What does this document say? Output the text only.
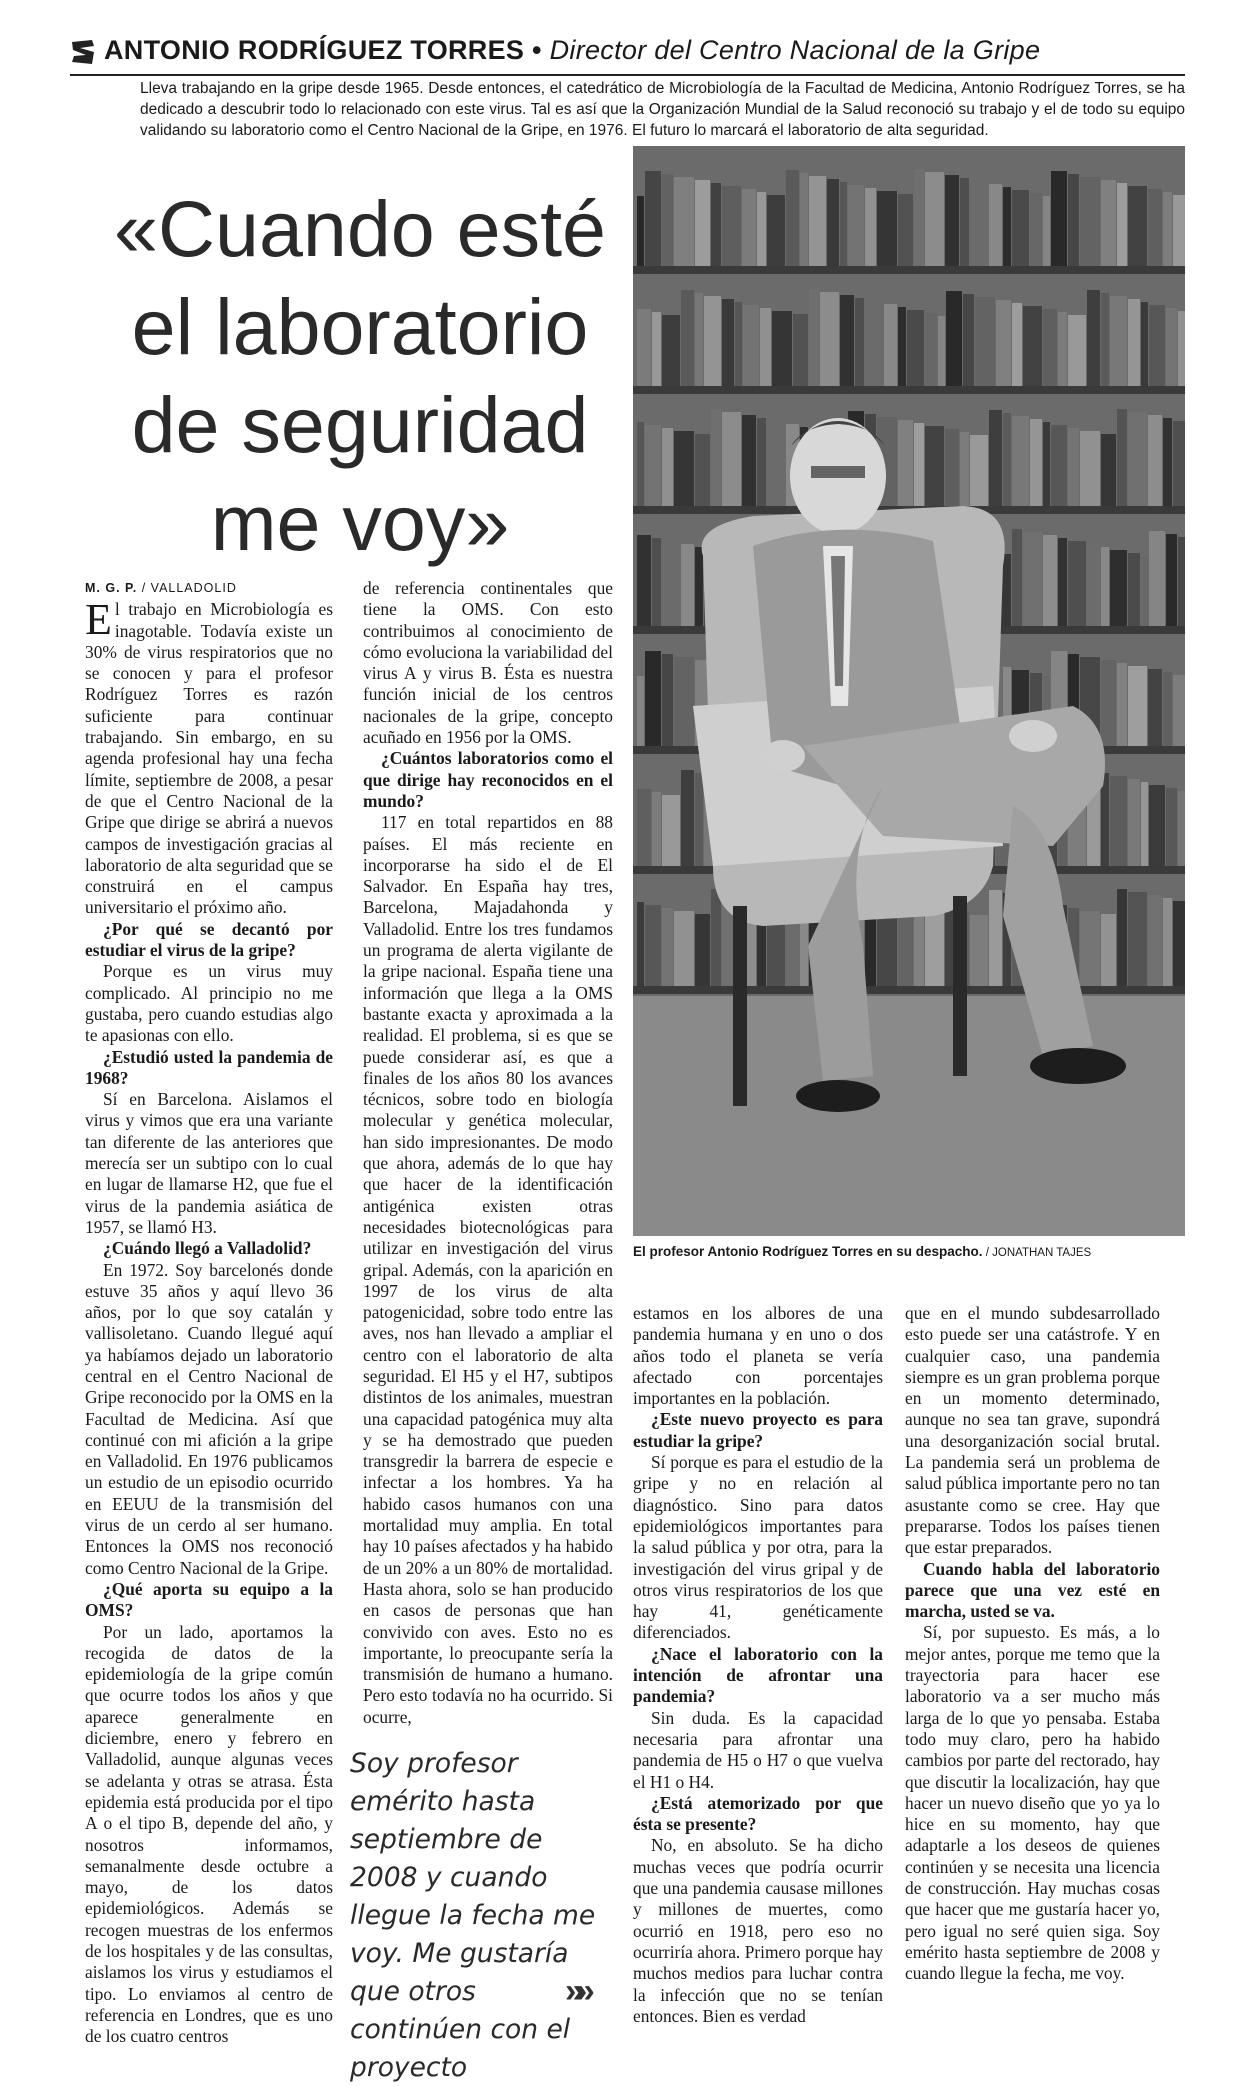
ANTONIO RODRÍGUEZ TORRES • Director del Centro Nacional de la Gripe
Lleva trabajando en la gripe desde 1965. Desde entonces, el catedrático de Microbiología de la Facultad de Medicina, Antonio Rodríguez Torres, se ha dedicado a descubrir todo lo relacionado con este virus. Tal es así que la Organización Mundial de la Salud reconoció su trabajo y el de todo su equipo validando su laboratorio como el Centro Nacional de la Gripe, en 1976. El futuro lo marcará el laboratorio de alta seguridad.
«Cuando esté el laboratorio de seguridad me voy»
El profesor Antonio Rodríguez Torres en su despacho. / JONATHAN TAJES

M. G. P. / VALLADOLID

El trabajo en Microbiología es inagotable. Todavía existe un 30% de virus respiratorios que no se conocen y para el profesor Rodríguez Torres es razón suficiente para continuar trabajando. Sin embargo, en su agenda profesional hay una fecha límite, septiembre de 2008, a pesar de que el Centro Nacional de la Gripe que dirige se abrirá a nuevos campos de investigación gracias al laboratorio de alta seguridad que se construirá en el campus universitario el próximo año.

¿Por qué se decantó por estudiar el virus de la gripe?

Porque es un virus muy complicado. Al principio no me gustaba, pero cuando estudias algo te apasionas con ello.

¿Estudió usted la pandemia de 1968?

Sí en Barcelona. Aislamos el virus y vimos que era una variante tan diferente de las anteriores que merecía ser un subtipo con lo cual en lugar de llamarse H2, que fue el virus de la pandemia asiática de 1957, se llamó H3.

¿Cuándo llegó a Valladolid?

En 1972. Soy barcelonés donde estuve 35 años y aquí llevo 36 años, por lo que soy catalán y vallisoletano. Cuando llegué aquí ya habíamos dejado un laboratorio central en el Centro Nacional de Gripe reconocido por la OMS en la Facultad de Medicina. Así que continué con mi afición a la gripe en Valladolid. En 1976 publicamos un estudio de un episodio ocurrido en EEUU de la transmisión del virus de un cerdo al ser humano. Entonces la OMS nos reconoció como Centro Nacional de la Gripe.

¿Qué aporta su equipo a la OMS?

Por un lado, aportamos la recogida de datos de la epidemiología de la gripe común que ocurre todos los años y que aparece generalmente en diciembre, enero y febrero en Valladolid, aunque algunas veces se adelanta y otras se atrasa. Ésta epidemia está producida por el tipo A o el tipo B, depende del año, y nosotros informamos, semanalmente desde octubre a mayo, de los datos epidemiológicos. Además se recogen muestras de los enfermos de los hospitales y de las consultas, aislamos los virus y estudiamos el tipo. Lo enviamos al centro de referencia en Londres, que es uno de los cuatro centros

de referencia continentales que tiene la OMS. Con esto contribuimos al conocimiento de cómo evoluciona la variabilidad del virus A y virus B. Ésta es nuestra función inicial de los centros nacionales de la gripe, concepto acuñado en 1956 por la OMS.

¿Cuántos laboratorios como el que dirige hay reconocidos en el mundo?

117 en total repartidos en 88 países. El más reciente en incorporarse ha sido el de El Salvador. En España hay tres, Barcelona, Majadahonda y Valladolid. Entre los tres fundamos un programa de alerta vigilante de la gripe nacional. España tiene una información que llega a la OMS bastante exacta y aproximada a la realidad. El problema, si es que se puede considerar así, es que a finales de los años 80 los avances técnicos, sobre todo en biología molecular y genética molecular, han sido impresionantes. De modo que ahora, además de lo que hay que hacer de la identificación antigénica existen otras necesidades biotecnológicas para utilizar en investigación del virus gripal. Además, con la aparición en 1997 de los virus de alta patogenicidad, sobre todo entre las aves, nos han llevado a ampliar el centro con el laboratorio de alta seguridad. El H5 y el H7, subtipos distintos de los animales, muestran una capacidad patogénica muy alta y se ha demostrado que pueden transgredir la barrera de especie e infectar a los hombres. Ya ha habido casos humanos con una mortalidad muy amplia. En total hay 10 países afectados y ha habido de un 20% a un 80% de mortalidad. Hasta ahora, solo se han producido en casos de personas que han convivido con aves. Esto no es importante, lo preocupante sería la transmisión de humano a humano. Pero esto todavía no ha ocurrido. Si ocurre,

estamos en los albores de una pandemia humana y en uno o dos años todo el planeta se vería afectado con porcentajes importantes en la población.

¿Este nuevo proyecto es para estudiar la gripe?

Sí porque es para el estudio de la gripe y no en relación al diagnóstico. Sino para datos epidemiológicos importantes para la salud pública y por otra, para la investigación del virus gripal y de otros virus respiratorios de los que hay 41, genéticamente diferenciados.

¿Nace el laboratorio con la intención de afrontar una pandemia?

Sin duda. Es la capacidad necesaria para afrontar una pandemia de H5 o H7 o que vuelva el H1 o H4.

¿Está atemorizado por que ésta se presente?

No, en absoluto. Se ha dicho muchas veces que podría ocurrir que una pandemia causase millones y millones de muertes, como ocurrió en 1918, pero eso no ocurriría ahora. Primero porque hay muchos medios para luchar contra la infección que no se tenían entonces. Bien es verdad

que en el mundo subdesarrollado esto puede ser una catástrofe. Y en cualquier caso, una pandemia siempre es un gran problema porque en un momento determinado, aunque no sea tan grave, supondrá una desorganización social brutal. La pandemia será un problema de salud pública importante pero no tan asustante como se cree. Hay que prepararse. Todos los países tienen que estar preparados.

Cuando habla del laboratorio parece que una vez esté en marcha, usted se va.

Sí, por supuesto. Es más, a lo mejor antes, porque me temo que la trayectoria para hacer ese laboratorio va a ser mucho más larga de lo que yo pensaba. Estaba todo muy claro, pero ha habido cambios por parte del rectorado, hay que discutir la localización, hay que hacer un nuevo diseño que yo ya lo hice en su momento, hay que adaptarle a los deseos de quienes continúen y se necesita una licencia de construcción. Hay muchas cosas que hacer que me gustaría hacer yo, pero igual no seré quien siga. Soy emérito hasta septiembre de 2008 y cuando llegue la fecha, me voy.

Soy profesor emérito hasta septiembre de 2008 y cuando llegue la fecha me voy. Me gustaría que otros continúen con el proyecto
»»
